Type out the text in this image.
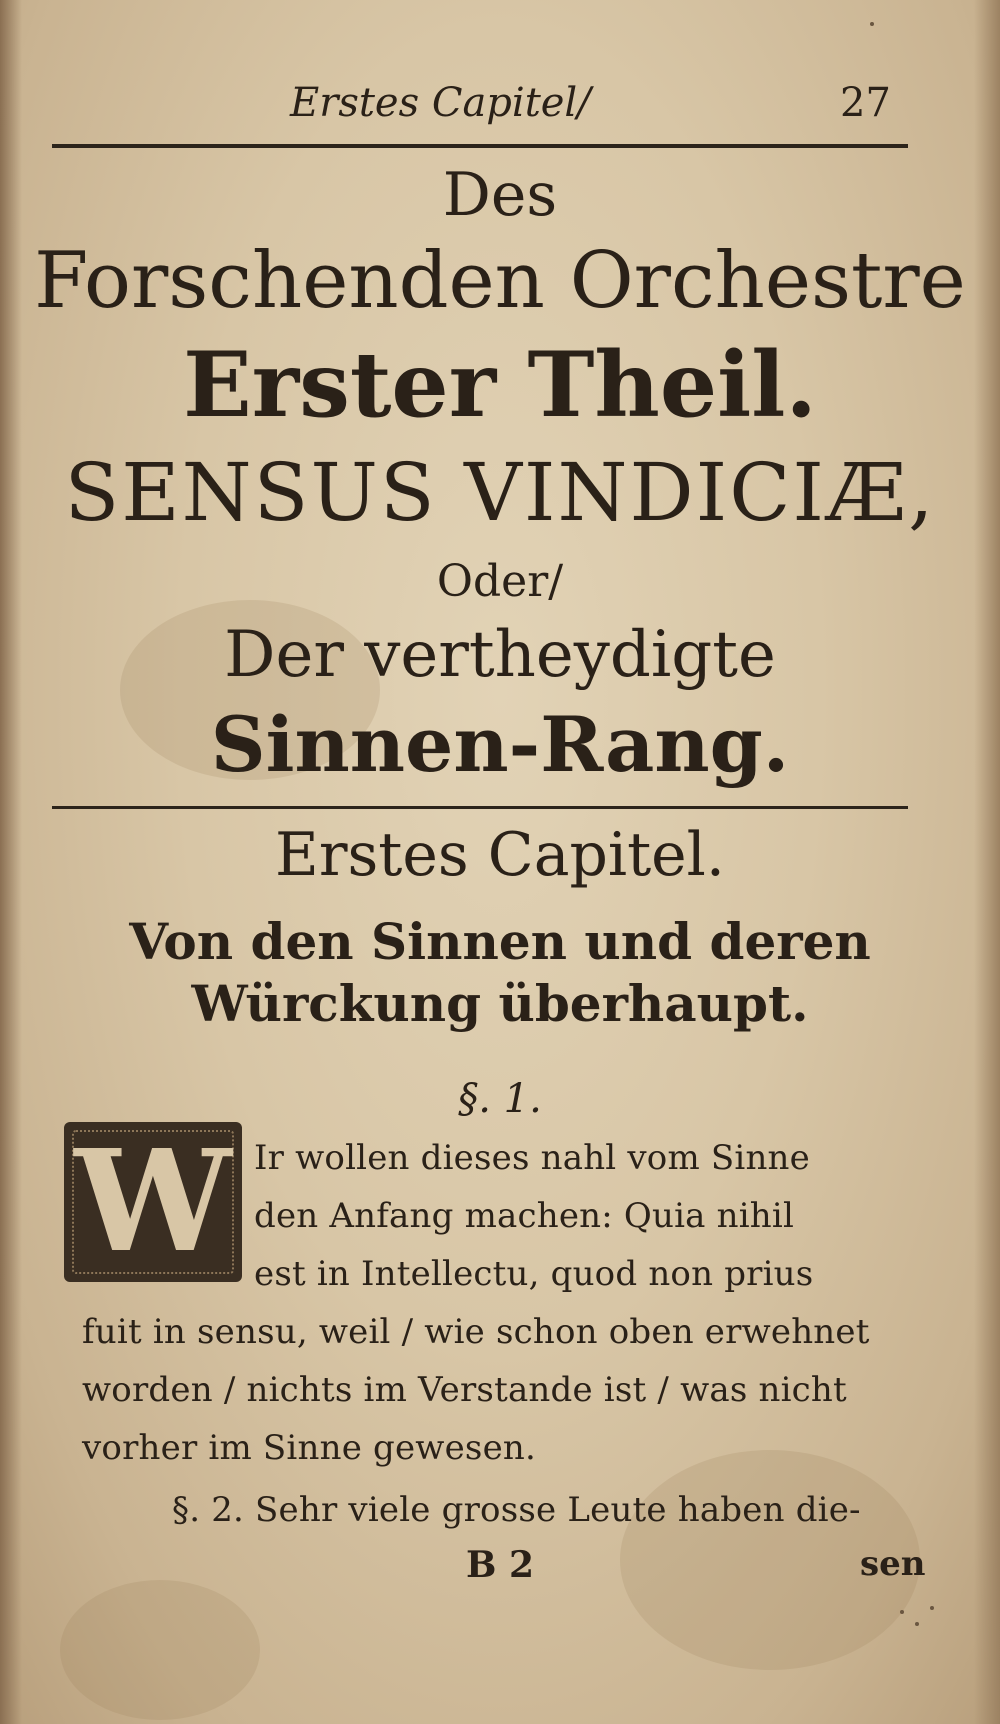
Erstes Capitel/	27
Des
Forschenden Orchestre
Erster Theil.
SENSUS VINDICIÆ,
Oder/
Der vertheydigte
Sinnen-Rang.
Erstes Capitel.
Von den Sinnen und deren
Würckung überhaupt.
§. 1.
W Ir wollen dieses nahl vom Sinne
den Anfang machen: Quia nihil
est in Intellectu, quod non prius
fuit in sensu, weil / wie schon oben erwehnet
worden / nichts im Verstande ist / was nicht
vorher im Sinne gewesen.
§. 2. Sehr viele grosse Leute haben die-
B 2	sen
